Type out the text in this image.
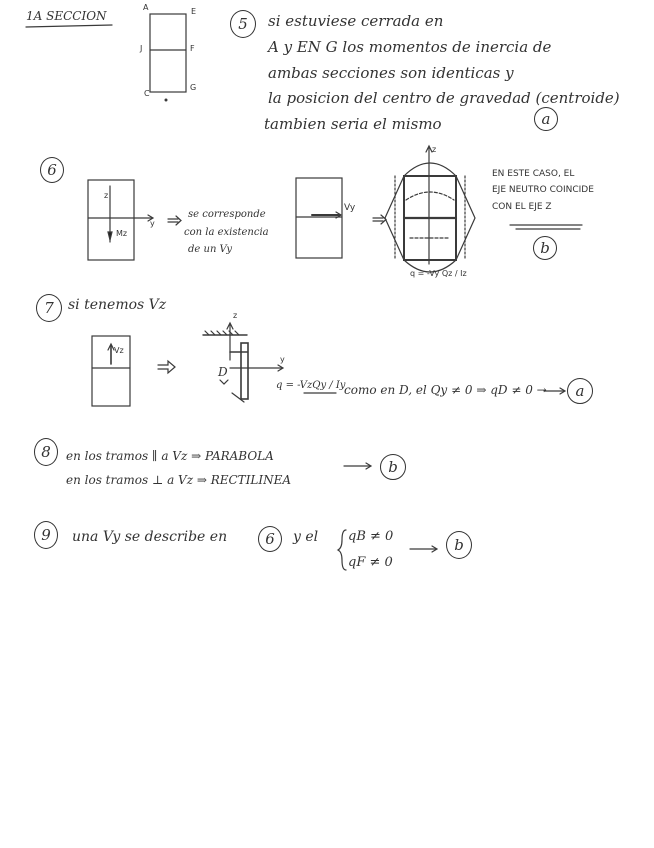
1A SECCION
A	E
J	F
C
G
5 si estuviese cerrada en
A y EN G los momentos de inercia de
ambas secciones son identicas y
la posicion del centro de gravedad (centroide)
tambien seria el mismo	a
6
z
y
Mz
se corresponde
con la existencia
de un Vy
Vy
z
q = -Vy Qz / Iz
EN ESTE CASO, EL
EJE NEUTRO COINCIDE
CON EL EJE Z
b
7 si tenemos Vz
Vz
z
y
D
q = -VzQy / Iy
como en D, el Qy ≠ 0 ⇒ qD ≠ 0 → a
8 en los tramos ∥ a Vz ⇒ PARABOLA
en los tramos ⊥ a Vz ⇒ RECTILINEA
b
9 una Vy se describe en	6 y el qB ≠ 0
qF ≠ 0
b
